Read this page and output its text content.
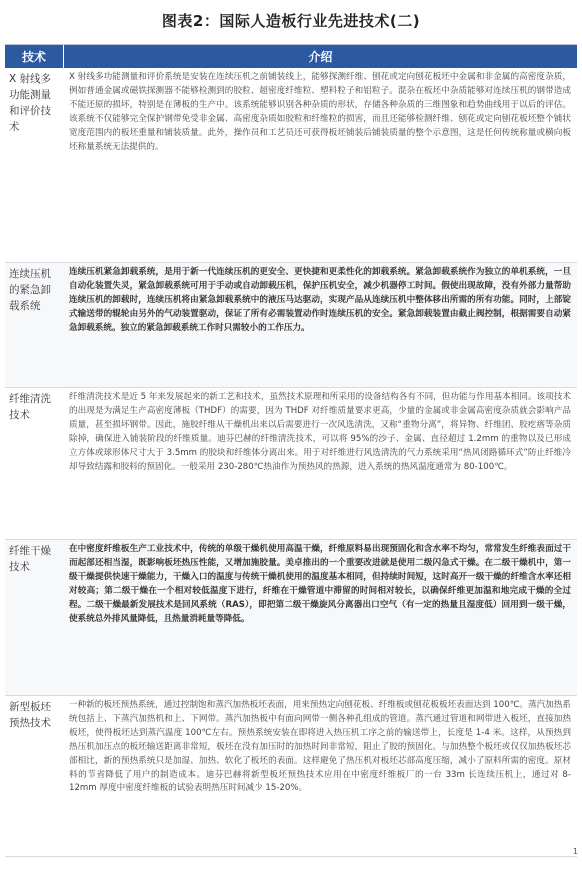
图表2：国际人造板行业先进技术(二)
技术	介绍
X 射线多功能测量和评价技术
X 射线多功能测量和评价系统是安装在连续压机之前铺装线上，能够探测纤维、刨花或定向刨花板坯中金属和非金属的高密度杂质，例如普通金属或磁铁探测器不能够检测到的胶粒、超密度纤维粒、塑料粒子和铝粒子。混杂在板坯中杂质能够对连续压机的钢带造成不能还原的损坏，特别是在薄板的生产中。该系统能够识别各种杂质的形状，存储各种杂质的三维图象和趋势曲线用于以后的评估。该系统不仅能够完全保护钢带免受非金属、高密度杂质如胶粒和纤维粒的损害，而且还能够检测纤维、刨花或定向刨花板坯整个铺状宽度范围内的板坯重量和铺装质量。此外，操作员和工艺员还可获得板坯铺装后铺装质量的整个示意图，这是任何传统称量或横向板坯称量系统无法提供的。
连续压机的紧急卸载系统
连续压机紧急卸载系统，是用于新一代连续压机的更安全、更快捷和更柔性化的卸载系统。紧急卸载系统作为独立的单机系统，一旦自动化装置失灵，紧急卸载系统可用于手动或自动卸载压机，保护压机安全，减少机器停工时间。假使出现故障，没有外部力量帮助连续压机的卸载时，连续压机将由紧急卸载系统中的液压马达驱动，实现产品从连续压机中整体移出所需的所有功能。同时，上部锭式输送带的辊轮由另外的气动装置驱动，保证了所有必需装置动作时连续压机的安全。紧急卸载装置由截止阀控制，根据需要自动紧急卸载系统。独立的紧急卸载系统工作时只需较小的工作压力。
纤维清洗技术
纤维清洗技术是近 5 年来发展起来的新工艺和技术，虽然技术原理和所采用的设备结构各有不同，但功能与作用基本相同。该项技术的出现是为满足生产高密度薄板（THDF）的需要，因为 THDF 对纤维质量要求更高，少量的金属或非金属高密度杂质就会影响产品质量，甚至损坏钢带。因此，施胶纤维从干燥机出来以后需要进行一次风选清洗，又称“重物分离”，将异物、纤维团、胶疙瘩等杂质除掉，确保进入铺装阶段的纤维质量。迪芬巴赫的纤维清洗技术，可以将 95%的沙子、金属、直径超过 1.2mm 的重物以及已形成立方体或球形体尺寸大于 3.5mm 的胶块和纤维体分离出来。用于对纤维进行风选清洗的气力系统采用“热风闭路循环式”防止纤维冷却导致结露和胶料的预固化。一般采用 230-280℃热油作为预热风的热源，进入系统的热风温度通常为 80-100℃。
纤维干燥技术
在中密度纤维板生产工业技术中，传统的单级干燥机使用高温干燥，纤维原料易出现预固化和含水率不均匀，常常发生纤维表面过干而起部还相当湿，既影响板坯热压性能，又增加施胶量。美卓推出的一个重要改进就是使用二级闪急式干燥。在二级干燥机中，第一级干燥提供快速干燥能力，干燥入口的温度与传统干燥机使用的温度基本相同，但持续时间短，这时高开一级干燥的纤维含水率还相对较高；第二级干燥在一个相对较低温度下进行，纤维在干燥管道中滞留的时间相对较长，以确保纤维更加温和地完成干燥的全过程。二级干燥最新发展技术是回风系统（RAS），即把第二级干燥旋风分离器出口空气（有一定的热量且湿度低）回用到一级干燥，使系统总外排风量降低，且热量消耗量等降低。
新型板坯预热技术
一种新的板坯预热系统，通过控制饱和蒸汽加热板坯表面，用来预热定向刨花板、纤维板或刨花板板坯表面达到 100℃。蒸汽加热系统包括上、下蒸汽加热机和上、下网带。蒸汽加热板中有面向网带一侧各种孔组成的管道。蒸汽通过管道和网带进入板坯，直接加热板坯，使得板坯达到蒸汽温度 100℃左右。预热系统安装在即将进入热压机工序之前的输送带上，长度是 1-4 米。这样，从预热到热压机加压点的板坯输送距离非常短，板坯在没有加压时的加热时间非常短，阻止了胶的预固化。与加热整个板坯或仅仅加热板坯芯部相比，新的预热系统只是加湿、加热、软化了板坯的表面。这样避免了热压机对板坯芯部高度压缩，减小了原料所需的密度。原材料的节省降低了用户的制造成本。迪芬巴赫将新型板坯预热技术应用在中密度纤维板厂的一台 33m 长连续压机上，通过对 8-12mm 厚度中密度纤维板的试验表明热压时间减少 15-20%。
1
